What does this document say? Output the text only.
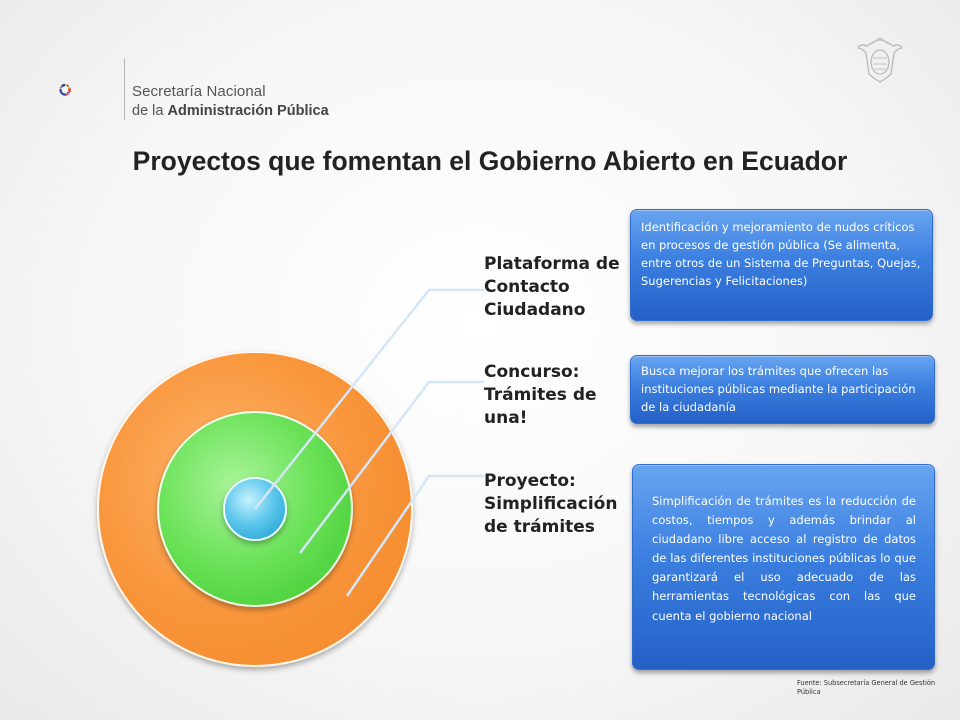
Secretaría Nacional
de la Administración Pública
Proyectos que fomentan el Gobierno Abierto en Ecuador
Plataforma de
Contacto
Ciudadano
Concurso:
Trámites de
una!
Proyecto:
Simplificación
de trámites
Identificación y mejoramiento de nudos críticos en procesos de gestión pública (Se alimenta, entre otros de un Sistema de Preguntas, Quejas, Sugerencias y Felicitaciones)
Busca mejorar los trámites que ofrecen las instituciones públicas mediante la participación de la ciudadanía
Simplificación de trámites es la reducción de costos, tiempos y además brindar al ciudadano libre acceso al registro de datos de las diferentes instituciones públicas lo que garantizará el uso adecuado de las herramientas tecnológicas con las que cuenta el gobierno nacional
Fuente: Subsecretaría General de Gestión Pública
